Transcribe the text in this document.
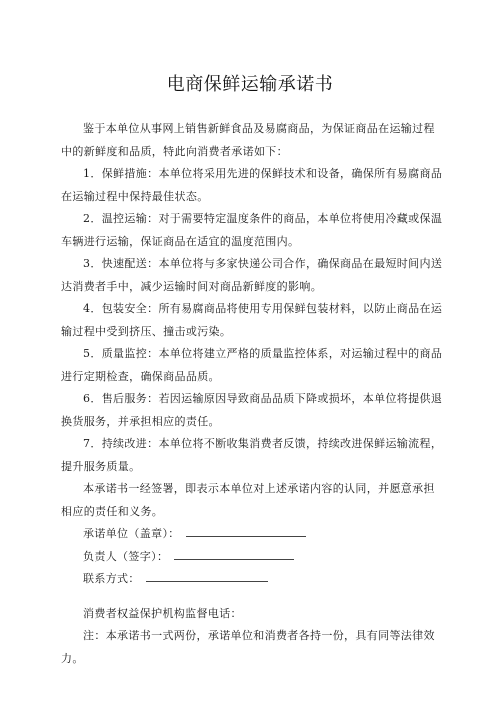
电商保鲜运输承诺书

鉴于本单位从事网上销售新鲜食品及易腐商品，为保证商品在运输过程中的新鲜度和品质，特此向消费者承诺如下：

1．保鲜措施：本单位将采用先进的保鲜技术和设备，确保所有易腐商品在运输过程中保持最佳状态。

2．温控运输：对于需要特定温度条件的商品，本单位将使用冷藏或保温车辆进行运输，保证商品在适宜的温度范围内。

3．快速配送：本单位将与多家快递公司合作，确保商品在最短时间内送达消费者手中，减少运输时间对商品新鲜度的影响。

4．包装安全：所有易腐商品将使用专用保鲜包装材料，以防止商品在运输过程中受到挤压、撞击或污染。

5．质量监控：本单位将建立严格的质量监控体系，对运输过程中的商品进行定期检查，确保商品品质。

6．售后服务：若因运输原因导致商品品质下降或损坏，本单位将提供退换货服务，并承担相应的责任。

7．持续改进：本单位将不断收集消费者反馈，持续改进保鲜运输流程，提升服务质量。

本承诺书一经签署，即表示本单位对上述承诺内容的认同，并愿意承担相应的责任和义务。

承诺单位（盖章）：

负责人（签字）：

联系方式：

消费者权益保护机构监督电话：

注：本承诺书一式两份，承诺单位和消费者各持一份，具有同等法律效力。
